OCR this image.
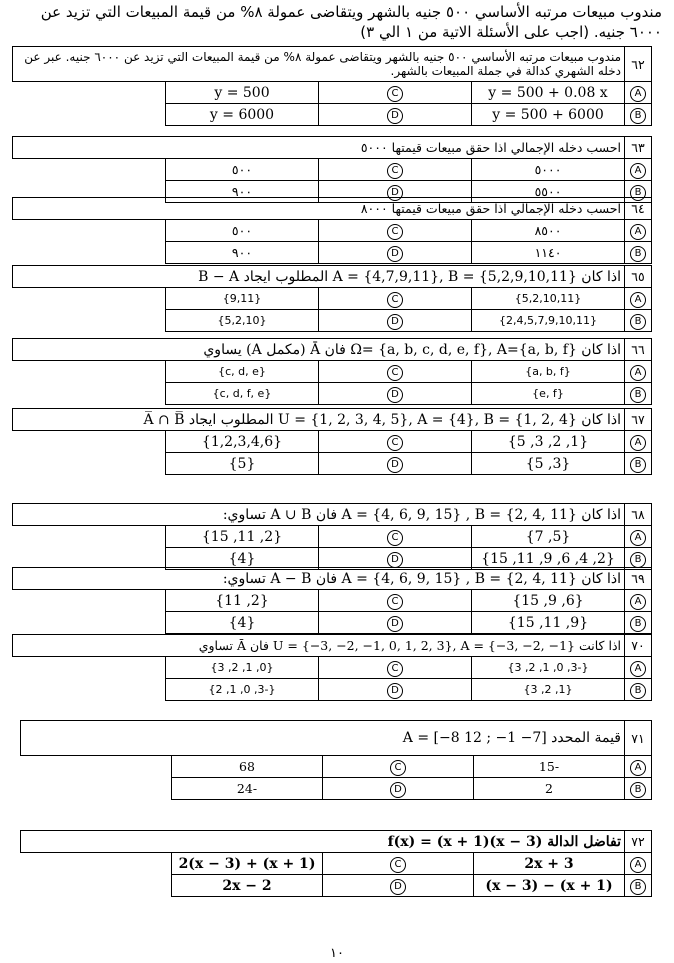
مندوب مبيعات مرتبه الأساسي ٥٠٠ جنيه بالشهر ويتقاضى عمولة ٨% من قيمة المبيعات التي تزيد عن
٦٠٠٠ جنيه. (اجب على الأسئلة الاتية من ١ الي ٣)
٦٢	مندوب مبيعات مرتبه الأساسي ٥٠٠ جنيه بالشهر ويتقاضى عمولة ٨% من قيمة المبيعات التي تزيد عن ٦٠٠٠ جنيه. عبر عن دخله الشهري كدالة في جملة المبيعات بالشهر.		
A	y = 500 + 0.08 x	C	y = 500
B	y = 500 + 6000	D	y = 6000
٦٣	احسب دخله الإجمالي اذا حقق مبيعات قيمتها ٥٠٠٠		
A	٥٠٠٠	C	٥٠٠
B	٥٥٠٠	D	٩٠٠
٦٤	احسب دخله الإجمالي اذا حقق مبيعات قيمتها ٨٠٠٠		
A	٨٥٠٠	C	٥٠٠
B	١١٤٠	D	٩٠٠
٦٥	اذا كان A = {4,7,9,11}, B = {5,2,9,10,11} المطلوب ايجاد B − A		
A	{5,2,10,11}	C	{9,11}
B	{2,4,5,7,9,10,11}	D	{5,2,10}
٦٦	اذا كان Ω= {a, b, c, d, e, f}, A={a, b, f} فان Ā (مكمل A) يساوي		
A	{a, b, f}	C	{c, d, e}
B	{e, f}	D	{c, d, f, e}
٦٧	اذا كان U = {1, 2, 3, 4, 5}, A = {4}, B = {1, 2, 4} المطلوب ايجاد A̅ ∩ B̅		
A	{1, 2, 3, 5}	C	{1,2,3,4,6}
B	{3, 5}	D	{5}
٦٨	اذا كان A = {4, 6, 9, 15} , B = {2, 4, 11} فان A ∪ B تساوي:		
A	{5, 7}	C	{2, 11, 15}
B	{2, 4, 6, 9, 11, 15}	D	{4}
٦٩	اذا كان A = {4, 6, 9, 15} , B = {2, 4, 11} فان A − B تساوي:		
A	{6, 9, 15}	C	{2, 11}
B	{9, 11, 15}	D	{4}
٧٠	اذا كانت U = {−3, −2, −1, 0, 1, 2, 3}, A = {−3, −2, −1} فان Ā تساوي		
A	{-3, 0, 1, 2, 3}	C	{0, 1, 2, 3}
B	{1, 2, 3}	D	{-3, 0, 1, 2}
٧١	قيمة المحدد A = [−8 12 ; −1 −7]		
A	-15	C	68
B	2	D	-24
٧٢	تفاضل الدالة f(x) = (x + 1)(x − 3)		
A	2x + 3	C	(x + 1) + 2(x − 3)
B	(x + 1) − (x − 3)	D	2x − 2
١٠
